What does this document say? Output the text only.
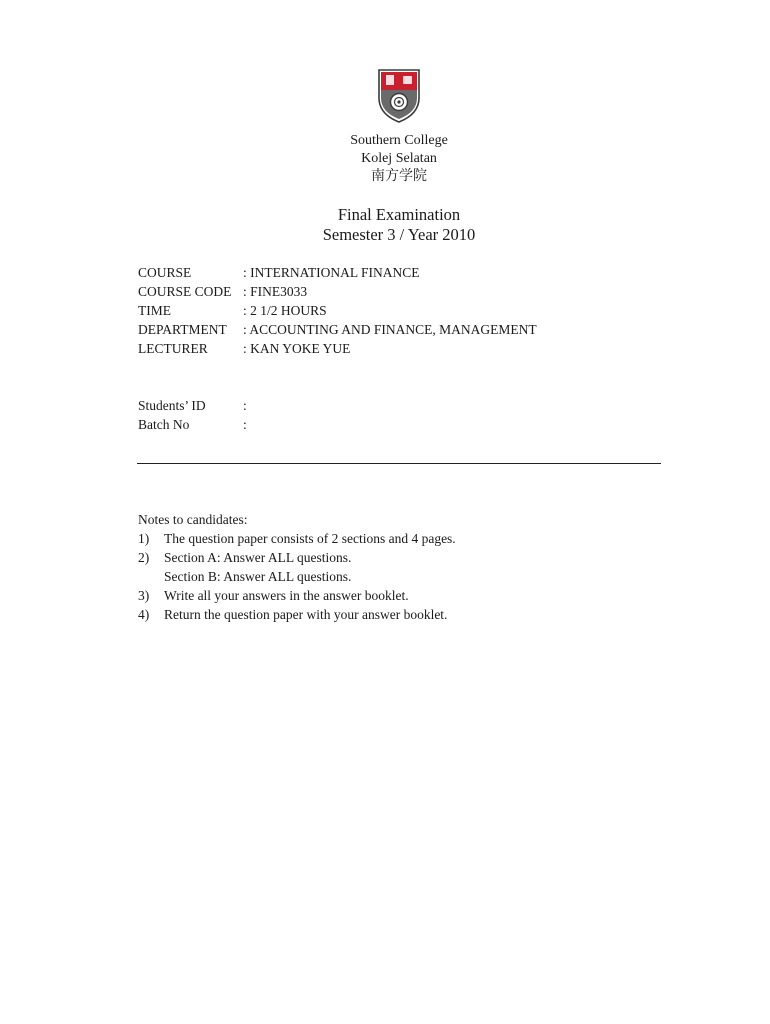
Southern College
Kolej Selatan
南方学院
Final Examination
Semester 3 / Year 2010
COURSE	: INTERNATIONAL FINANCE
COURSE CODE	: FINE3033
TIME	: 2 1/2 HOURS
DEPARTMENT	: ACCOUNTING AND FINANCE, MANAGEMENT
LECTURER	: KAN YOKE YUE
Students’ ID	:
Batch No	:
Notes to candidates:
1)	The question paper consists of 2 sections and 4 pages.
2)	Section A: Answer ALL questions.
Section B: Answer ALL questions.
3)	Write all your answers in the answer booklet.
4)	Return the question paper with your answer booklet.
